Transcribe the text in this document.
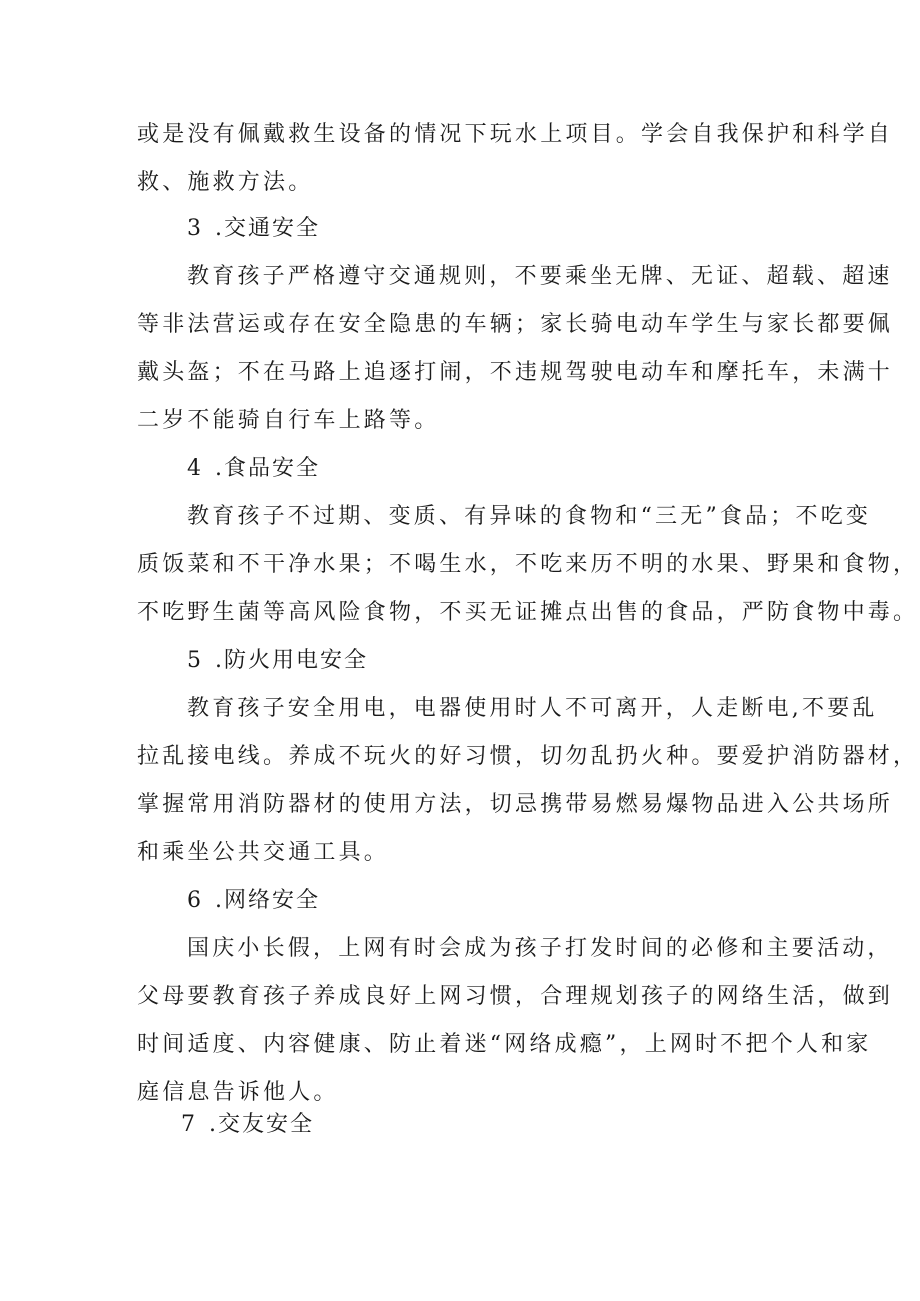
或是没有佩戴救生设备的情况下玩水上项目。学会自我保护和科学自
救、施救方法。
3 .交通安全
教育孩子严格遵守交通规则，不要乘坐无牌、无证、超载、超速
等非法营运或存在安全隐患的车辆；家长骑电动车学生与家长都要佩
戴头盔；不在马路上追逐打闹，不违规驾驶电动车和摩托车，未满十
二岁不能骑自行车上路等。
4 .食品安全
教育孩子不过期、变质、有异味的食物和“三无”食品；不吃变
质饭菜和不干净水果；不喝生水，不吃来历不明的水果、野果和食物，
不吃野生菌等高风险食物，不买无证摊点出售的食品，严防食物中毒。
5 .防火用电安全
教育孩子安全用电，电器使用时人不可离开，人走断电,不要乱
拉乱接电线。养成不玩火的好习惯，切勿乱扔火种。要爱护消防器材，
掌握常用消防器材的使用方法，切忌携带易燃易爆物品进入公共场所
和乘坐公共交通工具。
6 .网络安全
国庆小长假，上网有时会成为孩子打发时间的必修和主要活动，
父母要教育孩子养成良好上网习惯，合理规划孩子的网络生活，做到
时间适度、内容健康、防止着迷“网络成瘾”，上网时不把个人和家
庭信息告诉他人。
7 .交友安全
